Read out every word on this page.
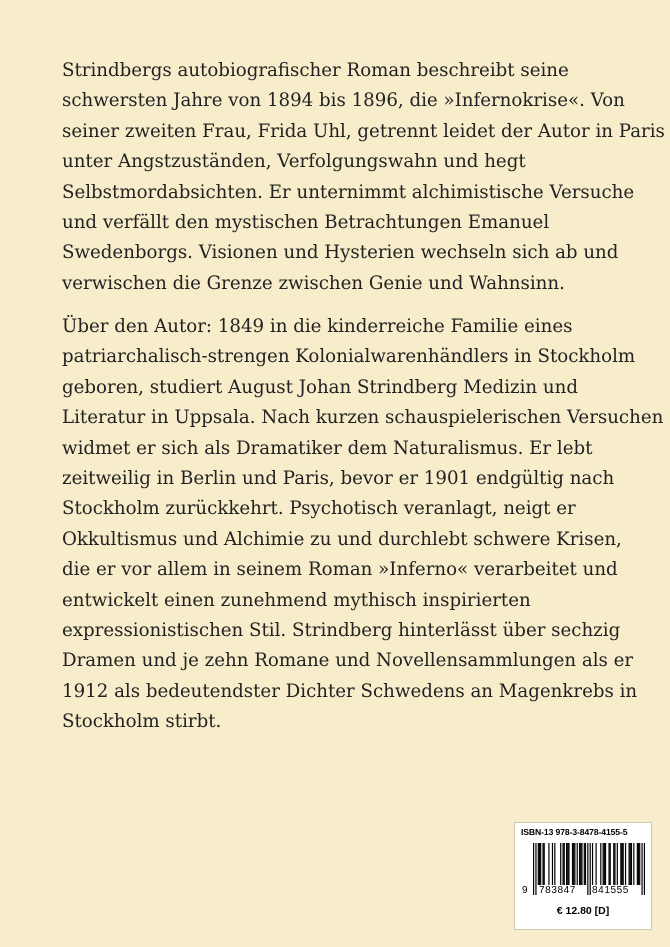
Strindbergs autobiografischer Roman beschreibt seine
schwersten Jahre von 1894 bis 1896, die »Infernokrise«. Von
seiner zweiten Frau, Frida Uhl, getrennt leidet der Autor in Paris
unter Angstzuständen, Verfolgungswahn und hegt
Selbstmordabsichten. Er unternimmt alchimistische Versuche
und verfällt den mystischen Betrachtungen Emanuel
Swedenborgs. Visionen und Hysterien wechseln sich ab und
verwischen die Grenze zwischen Genie und Wahnsinn.
Über den Autor: 1849 in die kinderreiche Familie eines
patriarchalisch-strengen Kolonialwarenhändlers in Stockholm
geboren, studiert August Johan Strindberg Medizin und
Literatur in Uppsala. Nach kurzen schauspielerischen Versuchen
widmet er sich als Dramatiker dem Naturalismus. Er lebt
zeitweilig in Berlin und Paris, bevor er 1901 endgültig nach
Stockholm zurückkehrt. Psychotisch veranlagt, neigt er
Okkultismus und Alchimie zu und durchlebt schwere Krisen,
die er vor allem in seinem Roman »Inferno« verarbeitet und
entwickelt einen zunehmend mythisch inspirierten
expressionistischen Stil. Strindberg hinterlässt über sechzig
Dramen und je zehn Romane und Novellensammlungen als er
1912 als bedeutendster Dichter Schwedens an Magenkrebs in
Stockholm stirbt.
ISBN-13 978-3-8478-4155-5
9 783847 841555
€ 12.80 [D]
